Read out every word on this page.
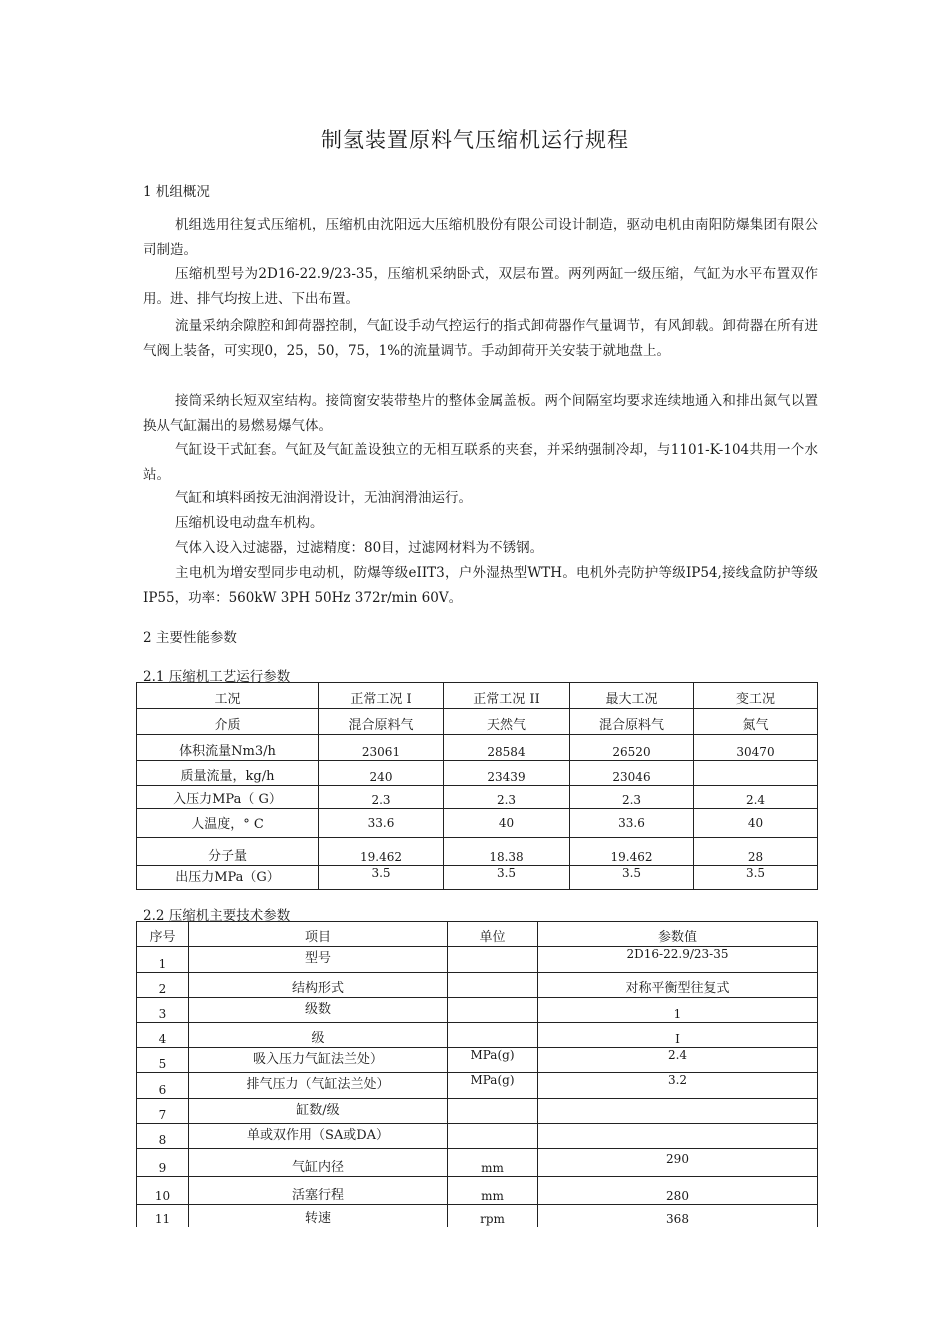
制氢装置原料气压缩机运行规程
1 机组概况

机组选用往复式压缩机，压缩机由沈阳远大压缩机股份有限公司设计制造，驱动电机由南阳防爆集团有限公司制造。

压缩机型号为2D16-22.9/23-35，压缩机采纳卧式，双层布置。两列两缸一级压缩，气缸为水平布置双作用。进、排气均按上进、下出布置。

流量采纳余隙腔和卸荷器控制，气缸设手动气控运行的指式卸荷器作气量调节，有风卸载。卸荷器在所有进气阀上装备，可实现0，25，50，75，1%的流量调节。手动卸荷开关安装于就地盘上。

接筒采纳长短双室结构。接筒窗安装带垫片的整体金属盖板。两个间隔室均要求连续地通入和排出氮气以置换从气缸漏出的易燃易爆气体。

气缸设干式缸套。气缸及气缸盖设独立的无相互联系的夹套，并采纳强制冷却，与1101-K-104共用一个水站。

气缸和填料函按无油润滑设计，无油润滑油运行。

压缩机设电动盘车机构。

气体入设入过滤器，过滤精度：80目，过滤网材料为不锈钢。

主电机为增安型同步电动机，防爆等级eIIT3，户外湿热型WTH。电机外壳防护等级IP54,接线盒防护等级 IP55，功率：560kW 3PH 50Hz 372r/min 60V。

2 主要性能参数
2.1 压缩机工艺运行参数
工况	正常工况 I	正常工况 II	最大工况	变工况
介质	混合原料气	天然气	混合原料气	氮气
体积流量Nm3/h	23061	28584	26520	30470
质量流量，kg/h	240	23439	23046	
入压力MPa（ G）	2.3	2.3	2.3	2.4
人温度，° C	33.6	40	33.6	40
分子量	19.462	18.38	19.462	28
出压力MPa（G）	3.5	3.5	3.5	3.5
2.2 压缩机主要技术参数
序号	项目	单位	参数值
1	型号		2D16-22.9/23-35
2	结构形式		对称平衡型往复式
3	级数		1
4	级		I
5	吸入压力气缸法兰处）	MPa(g)	2.4
6	排气压力（气缸法兰处）	MPa(g)	3.2
7	缸数/级		
8	单或双作用（SA或DA）		
9	气缸内径	mm	290
10	活塞行程	mm	280
11	转速	rpm	368
